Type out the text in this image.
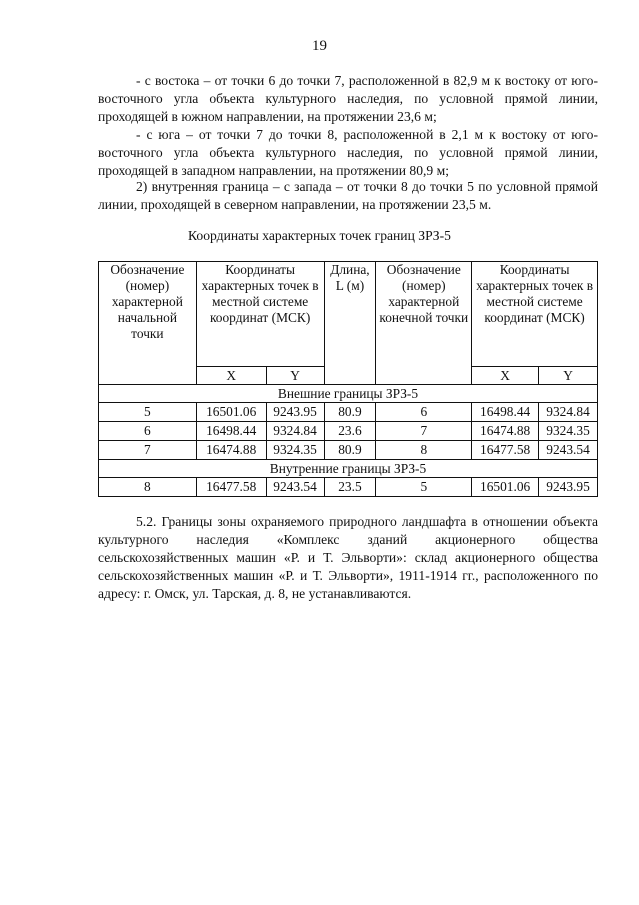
19

- с востока – от точки 6 до точки 7, расположенной в 82,9 м к востоку от юго-восточного угла объекта культурного наследия, по условной прямой линии, проходящей в южном направлении, на протяжении 23,6 м;

- с юга – от точки 7 до точки 8, расположенной в 2,1 м к востоку от юго-восточного угла объекта культурного наследия, по условной прямой линии, проходящей в западном направлении, на протяжении 80,9 м;

2) внутренняя граница – с запада – от точки 8 до точки 5 по условной прямой линии, проходящей в северном направлении, на протяжении 23,5 м.

Координаты характерных точек границ ЗРЗ-5
Обозначение (номер) характерной начальной точки	Координаты характерных точек в местной системе координат (МСК)		Длина, L (м)	Обозначение (номер) характерной конечной точки	Координаты характерных точек в местной системе координат (МСК)	
	X	Y			X	Y
Внешние границы ЗРЗ-5						
5	16501.06	9243.95	80.9	6	16498.44	9324.84
6	16498.44	9324.84	23.6	7	16474.88	9324.35
7	16474.88	9324.35	80.9	8	16477.58	9243.54
Внутренние границы ЗРЗ-5						
8	16477.58	9243.54	23.5	5	16501.06	9243.95

5.2. Границы зоны охраняемого природного ландшафта в отношении объекта культурного наследия «Комплекс зданий акционерного общества сельскохозяйственных машин «Р. и Т. Эльворти»: склад акционерного общества сельскохозяйственных машин «Р. и Т. Эльворти», 1911-1914 гг., расположенного по адресу: г. Омск, ул. Тарская, д. 8, не устанавливаются.
